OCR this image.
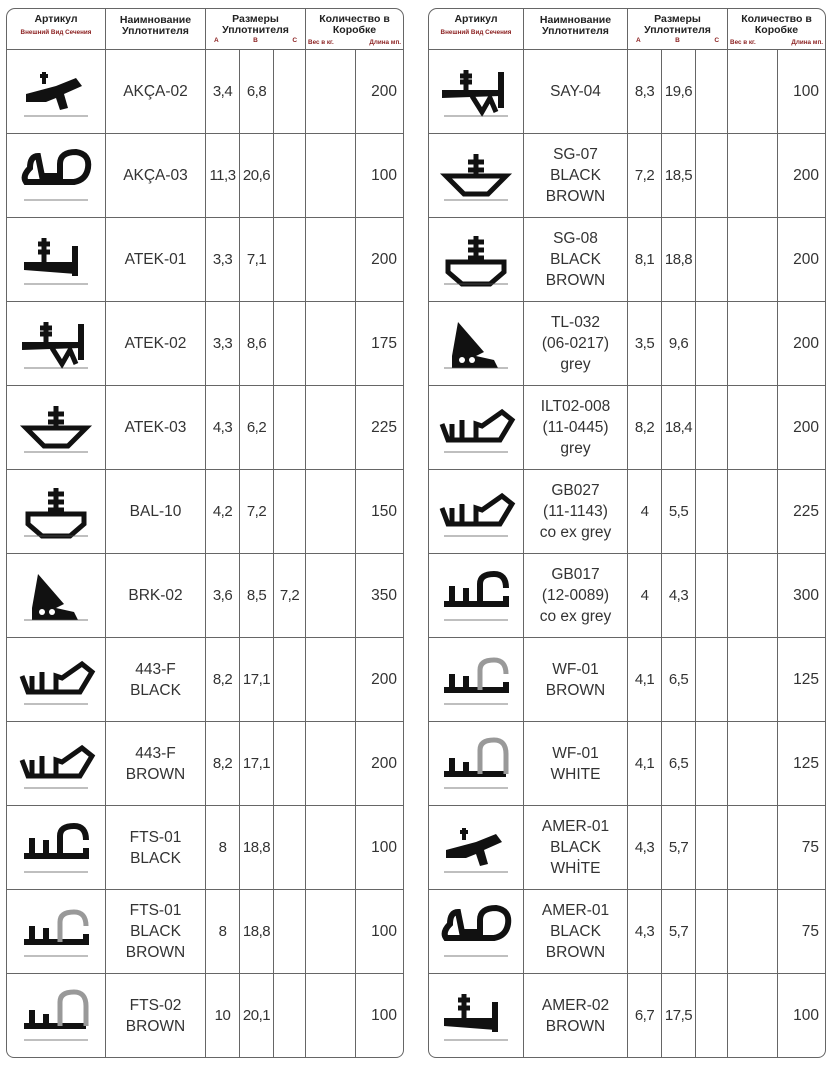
Артикул
Внешний Вид Сечения	Наимнование Уплотнителя	Размеры Уплотнителя
A B C			Количество в Коробке
Вес в кг. Длина мп.	

	AKÇA-02	3,4	6,8			200

	AKÇA-03	11,3	20,6			100

	ATEK-01	3,3	7,1			200

	ATEK-02	3,3	8,6			175

	ATEK-03	4,3	6,2			225

	BAL-10	4,2	7,2			150

	BRK-02	3,6	8,5	7,2		350

	443-F
BLACK	8,2	17,1			200

	443-F
BROWN	8,2	17,1			200

	FTS-01
BLACK	8	18,8			100

	FTS-01
BLACK
BROWN	8	18,8			100

	FTS-02
BROWN	10	20,1			100
Артикул
Внешний Вид Сечения	Наимнование Уплотнителя	Размеры Уплотнителя
A B C			Количество в Коробке
Вес в кг. Длина мп.	

	SAY-04	8,3	19,6			100

	SG-07
BLACK
BROWN	7,2	18,5			200

	SG-08
BLACK
BROWN	8,1	18,8			200

	TL-032
(06-0217)
grey	3,5	9,6			200

	ILT02-008
(11-0445)
grey	8,2	18,4			200

	GB027
(11-1143)
co ex grey	4	5,5			225

	GB017
(12-0089)
co ex grey	4	4,3			300

	WF-01
BROWN	4,1	6,5			125

	WF-01
WHITE	4,1	6,5			125

	AMER-01
BLACK
WHİTE	4,3	5,7			75

	AMER-01
BLACK
BROWN	4,3	5,7			75

	AMER-02
BROWN	6,7	17,5			100
